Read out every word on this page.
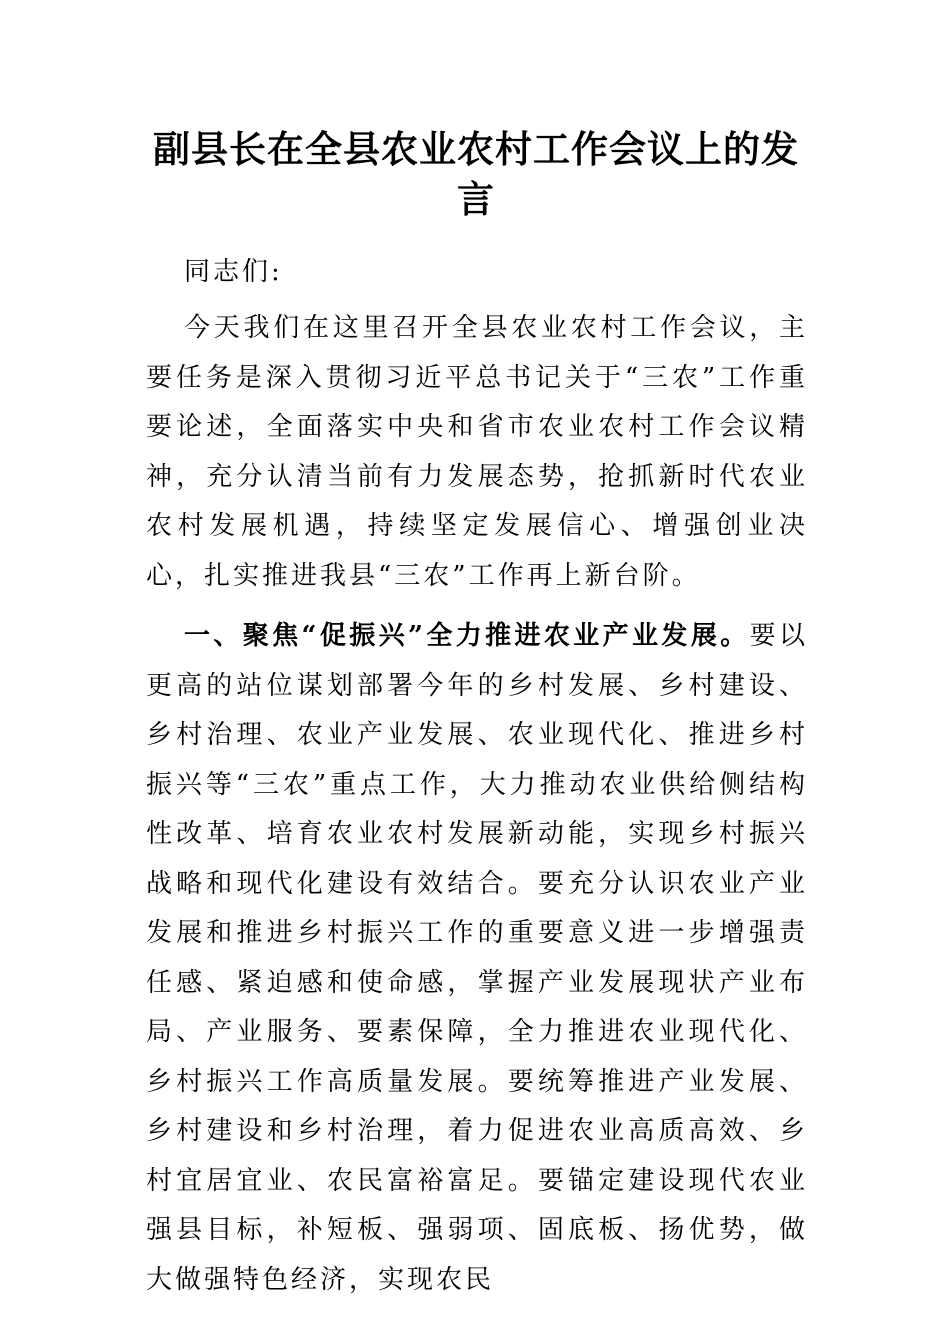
副县长在全县农业农村工作会议上的发言

同志们:

今天我们在这里召开全县农业农村工作会议，主要任务是深入贯彻习近平总书记关于“三农”工作重要论述，全面落实中央和省市农业农村工作会议精神，充分认清当前有力发展态势，抢抓新时代农业农村发展机遇，持续坚定发展信心、增强创业决心，扎实推进我县“三农”工作再上新台阶。

一、聚焦“促振兴”全力推进农业产业发展。要以更高的站位谋划部署今年的乡村发展、乡村建设、乡村治理、农业产业发展、农业现代化、推进乡村振兴等“三农”重点工作，大力推动农业供给侧结构性改革、培育农业农村发展新动能，实现乡村振兴战略和现代化建设有效结合。要充分认识农业产业发展和推进乡村振兴工作的重要意义进一步增强责任感、紧迫感和使命感，掌握产业发展现状产业布局、产业服务、要素保障，全力推进农业现代化、乡村振兴工作高质量发展。要统筹推进产业发展、乡村建设和乡村治理，着力促进农业高质高效、乡村宜居宜业、农民富裕富足。要锚定建设现代农业强县目标，补短板、强弱项、固底板、扬优势，做大做强特色经济，实现农民
